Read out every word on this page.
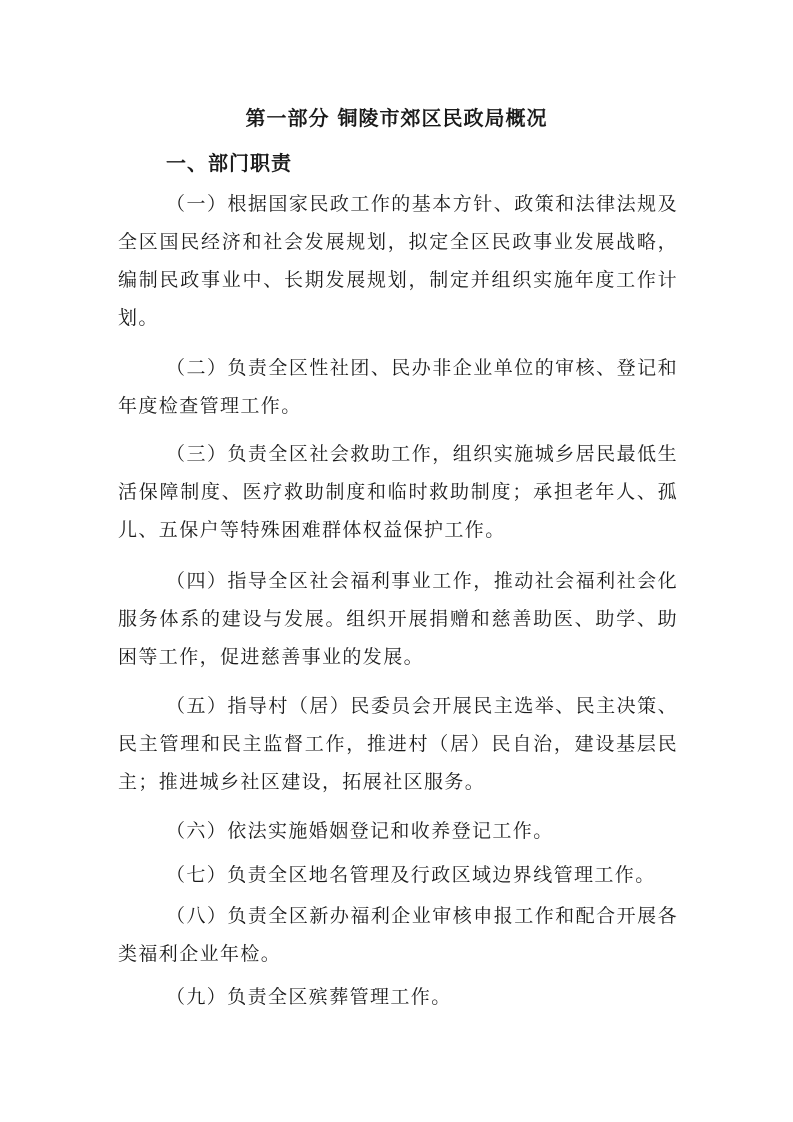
第一部分 铜陵市郊区民政局概况
一、部门职责

（一）根据国家民政工作的基本方针、政策和法律法规及全区国民经济和社会发展规划，拟定全区民政事业发展战略，编制民政事业中、长期发展规划，制定并组织实施年度工作计划。

（二）负责全区性社团、民办非企业单位的审核、登记和年度检查管理工作。

（三）负责全区社会救助工作，组织实施城乡居民最低生活保障制度、医疗救助制度和临时救助制度；承担老年人、孤儿、五保户等特殊困难群体权益保护工作。

（四）指导全区社会福利事业工作，推动社会福利社会化服务体系的建设与发展。组织开展捐赠和慈善助医、助学、助困等工作，促进慈善事业的发展。

（五）指导村（居）民委员会开展民主选举、民主决策、民主管理和民主监督工作，推进村（居）民自治，建设基层民主；推进城乡社区建设，拓展社区服务。

（六）依法实施婚姻登记和收养登记工作。

（七）负责全区地名管理及行政区域边界线管理工作。

（八）负责全区新办福利企业审核申报工作和配合开展各类福利企业年检。

（九）负责全区殡葬管理工作。
